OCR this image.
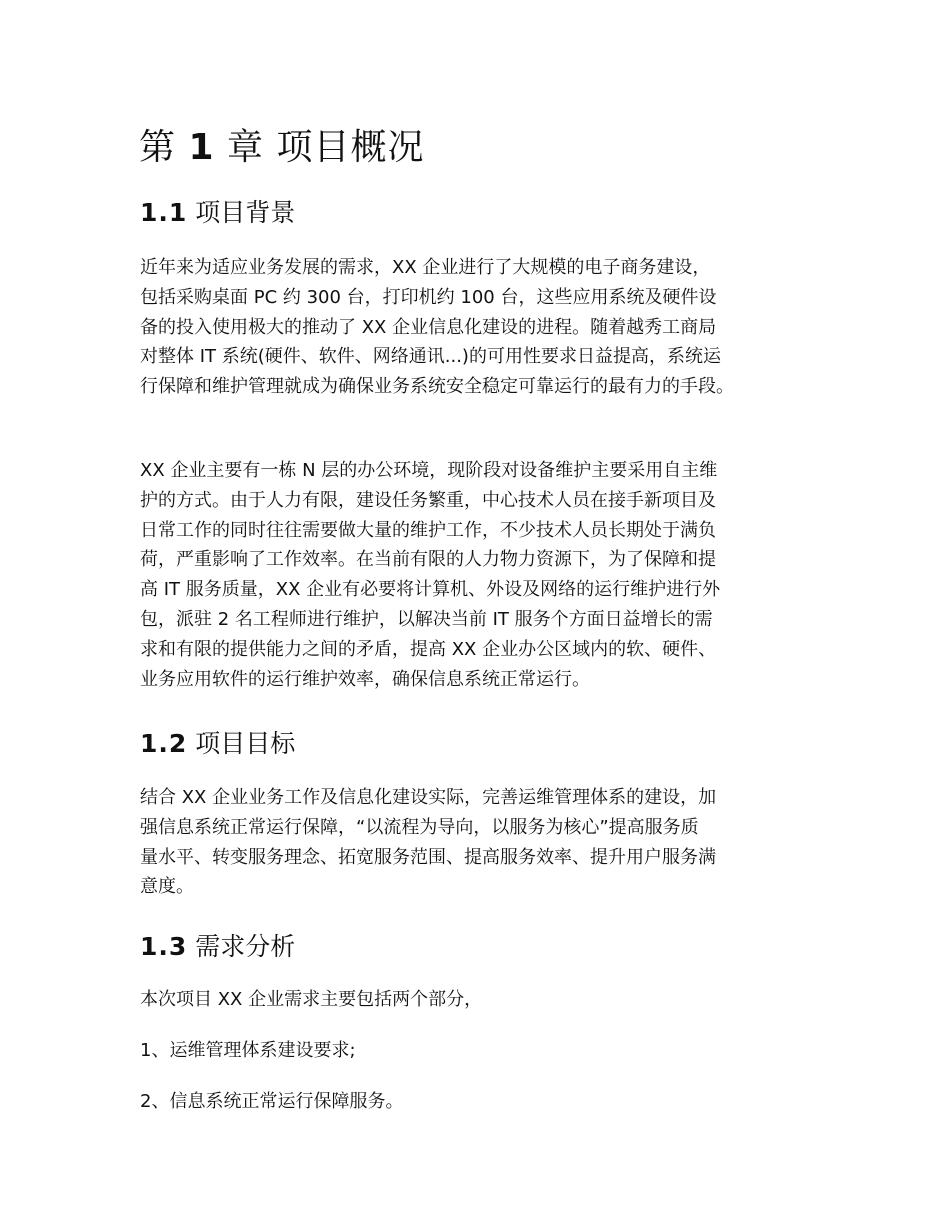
第 1 章 项目概况
1.1 项目背景

近年来为适应业务发展的需求，XX 企业进行了大规模的电子商务建设，
包括采购桌面 PC 约 300 台，打印机约 100 台，这些应用系统及硬件设
备的投入使用极大的推动了 XX 企业信息化建设的进程。随着越秀工商局
对整体 IT 系统(硬件、软件、网络通讯...)的可用性要求日益提高，系统运
行保障和维护管理就成为确保业务系统安全稳定可靠运行的最有力的手段。

XX 企业主要有一栋 N 层的办公环境，现阶段对设备维护主要采用自主维
护的方式。由于人力有限，建设任务繁重，中心技术人员在接手新项目及
日常工作的同时往往需要做大量的维护工作，不少技术人员长期处于满负
荷，严重影响了工作效率。在当前有限的人力物力资源下，为了保障和提
高 IT 服务质量，XX 企业有必要将计算机、外设及网络的运行维护进行外
包，派驻 2 名工程师进行维护，以解决当前 IT 服务个方面日益增长的需
求和有限的提供能力之间的矛盾，提高 XX 企业办公区域内的软、硬件、
业务应用软件的运行维护效率，确保信息系统正常运行。

1.2 项目目标

结合 XX 企业业务工作及信息化建设实际，完善运维管理体系的建设，加
强信息系统正常运行保障，“以流程为导向，以服务为核心”提高服务质
量水平、转变服务理念、拓宽服务范围、提高服务效率、提升用户服务满
意度。

1.3 需求分析

本次项目 XX 企业需求主要包括两个部分，

1、运维管理体系建设要求;

2、信息系统正常运行保障服务。
